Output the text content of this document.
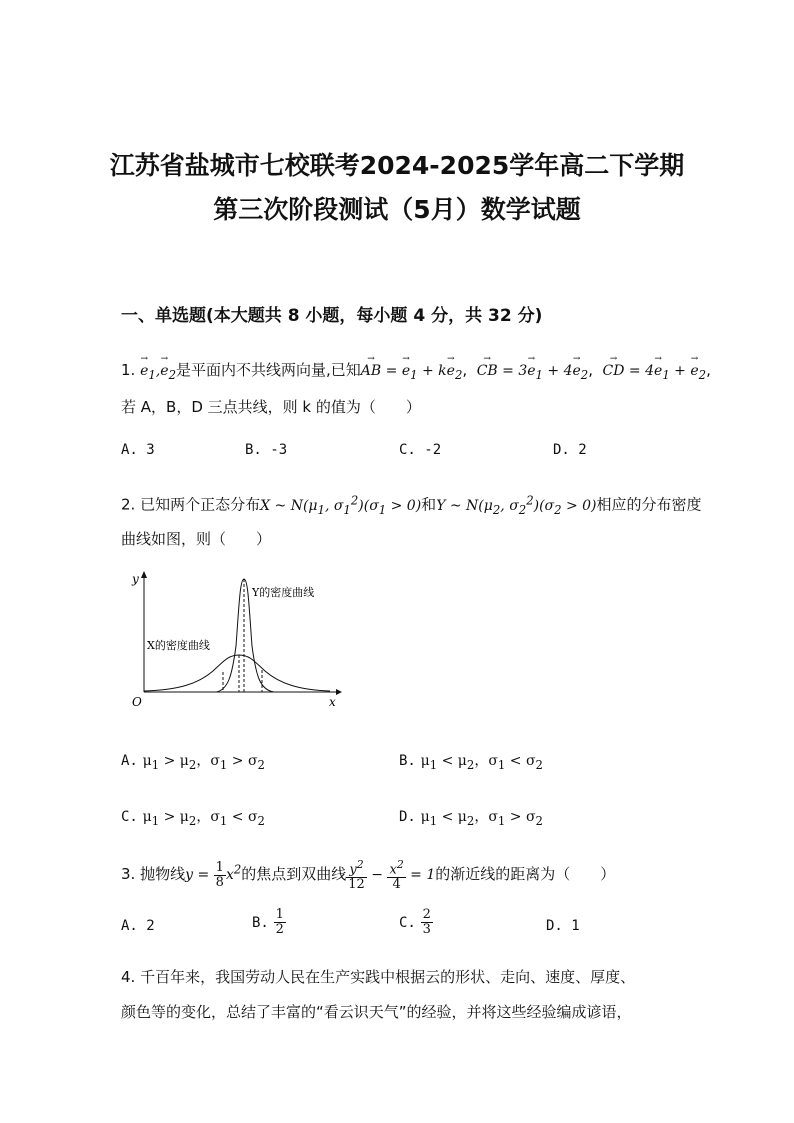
江苏省盐城市七校联考2024-2025学年高二下学期
第三次阶段测试（5月）数学试题
一、单选题(本大题共 8 小题，每小题 4 分，共 32 分)
1. → $e_1,\to e_2$是平面内不共线两向量,已知→ AB = → $e_1 + k\to e_2$,  → CB = $3\to e_1 + 4\to e_2$,  → CD = $4\to e_1$ + → $e_2$,
若 A，B，D 三点共线，则 k 的值为（　　）
A. 3	B. -3	C. -2	D. 2
2. 已知两个正态分布X ~ $N(\mu_1$, $\sigma_1^2)(\sigma_1 > 0)$和Y ~ $N(\mu_2$, $\sigma_2^2)(\sigma_2 > 0)$相应的分布密度
曲线如图，则（　　）
y
x
O
Y的密度曲线
X的密度曲线
A. $\mu_1 > \mu_2$，$\sigma_1 > \sigma_2$	B. $\mu_1 < \mu_2$，$\sigma_1 < \sigma_2$
C. $\mu_1 > \mu_2$，$\sigma_1 < \sigma_2$	D. $\mu_1 < \mu_2$，$\sigma_1 > \sigma_2$
3. 抛物线$y = \frac{1}{8} x^2$的焦点到双曲线 $\frac{y^2}{12} - \frac{x^2}{4} = 1$的渐近线的距离为（　　）
A. 2	B. $\frac{1}{2}$	C. $\frac{2}{3}$	D. 1
4. 千百年来，我国劳动人民在生产实践中根据云的形状、走向、速度、厚度、
颜色等的变化，总结了丰富的“看云识天气”的经验，并将这些经验编成谚语，
